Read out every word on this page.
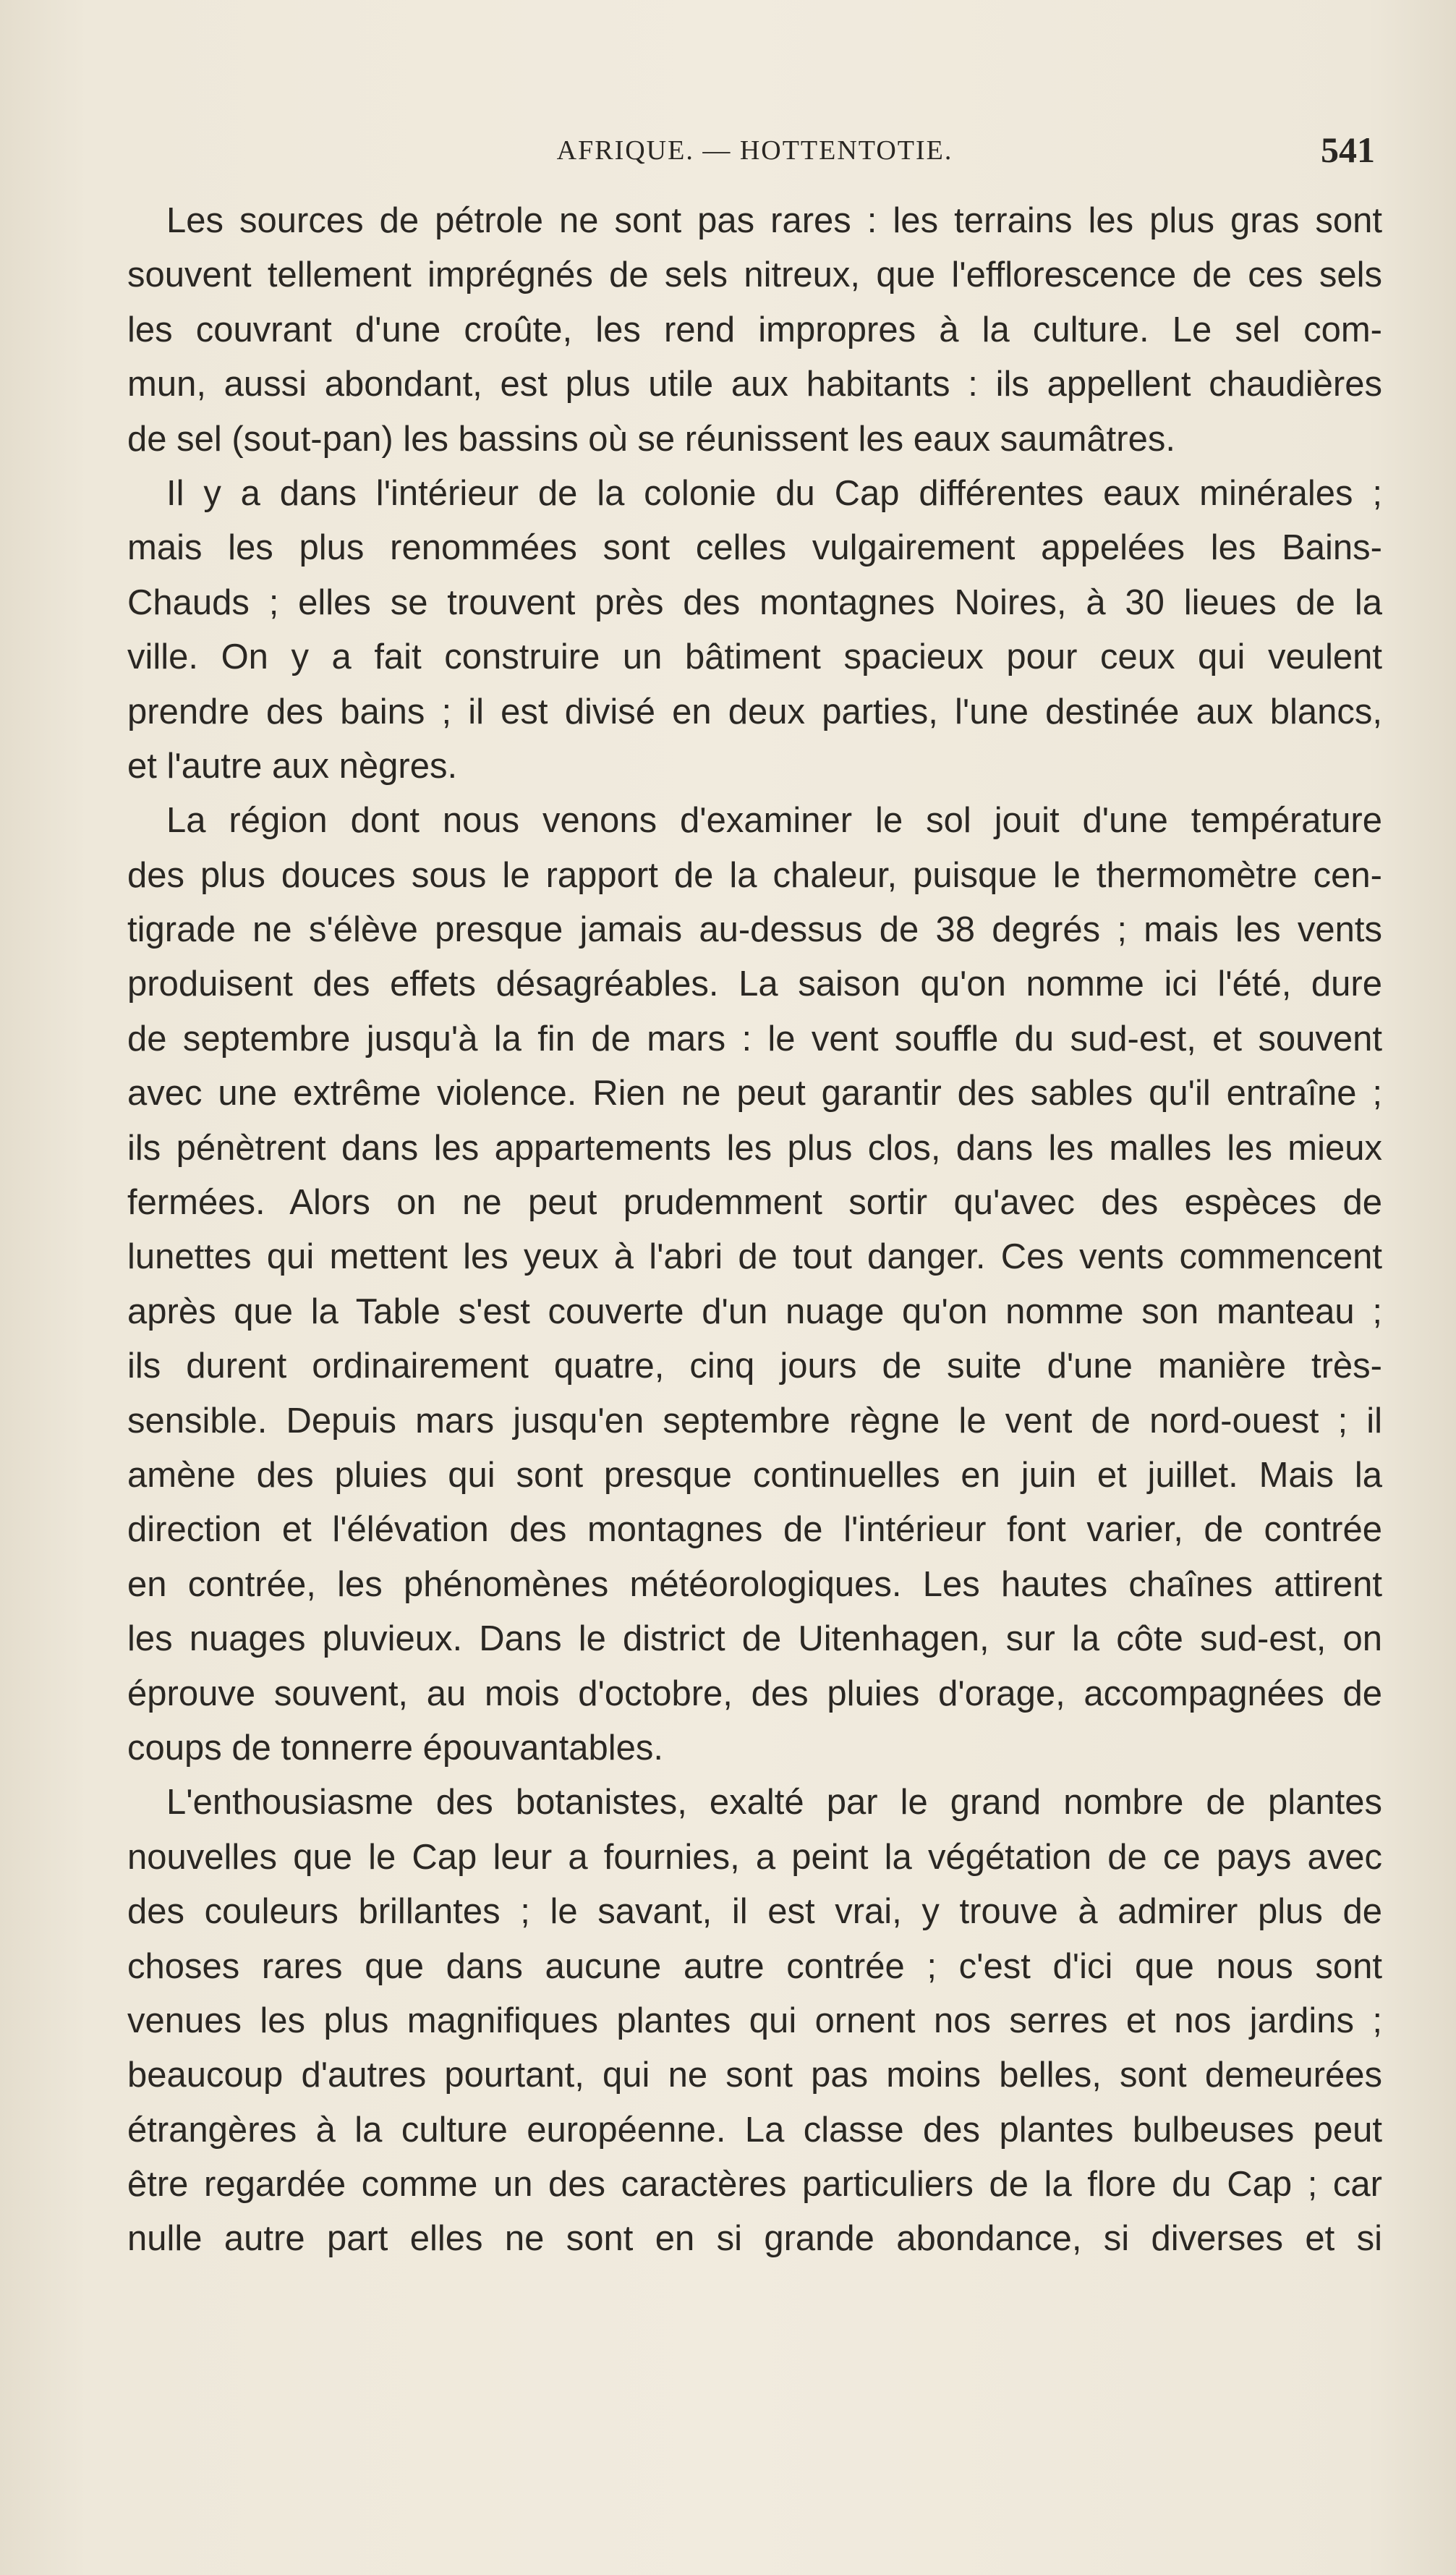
AFRIQUE. — HOTTENTOTIE.	541
Les sources de pétrole ne sont pas rares : les terrains les plus gras sont
souvent tellement imprégnés de sels nitreux, que l'efflorescence de ces sels
les couvrant d'une croûte, les rend impropres à la culture. Le sel com-
mun, aussi abondant, est plus utile aux habitants : ils appellent chaudières
de sel (sout-pan) les bassins où se réunissent les eaux saumâtres.
Il y a dans l'intérieur de la colonie du Cap différentes eaux minérales ;
mais les plus renommées sont celles vulgairement appelées les Bains-
Chauds ; elles se trouvent près des montagnes Noires, à 30 lieues de la
ville. On y a fait construire un bâtiment spacieux pour ceux qui veulent
prendre des bains ; il est divisé en deux parties, l'une destinée aux blancs,
et l'autre aux nègres.
La région dont nous venons d'examiner le sol jouit d'une température
des plus douces sous le rapport de la chaleur, puisque le thermomètre cen-
tigrade ne s'élève presque jamais au-dessus de 38 degrés ; mais les vents
produisent des effets désagréables. La saison qu'on nomme ici l'été, dure
de septembre jusqu'à la fin de mars : le vent souffle du sud-est, et souvent
avec une extrême violence. Rien ne peut garantir des sables qu'il entraîne ;
ils pénètrent dans les appartements les plus clos, dans les malles les mieux
fermées. Alors on ne peut prudemment sortir qu'avec des espèces de
lunettes qui mettent les yeux à l'abri de tout danger. Ces vents commencent
après que la Table s'est couverte d'un nuage qu'on nomme son manteau ;
ils durent ordinairement quatre, cinq jours de suite d'une manière très-
sensible. Depuis mars jusqu'en septembre règne le vent de nord-ouest ; il
amène des pluies qui sont presque continuelles en juin et juillet. Mais la
direction et l'élévation des montagnes de l'intérieur font varier, de contrée
en contrée, les phénomènes météorologiques. Les hautes chaînes attirent
les nuages pluvieux. Dans le district de Uitenhagen, sur la côte sud-est, on
éprouve souvent, au mois d'octobre, des pluies d'orage, accompagnées de
coups de tonnerre épouvantables.
L'enthousiasme des botanistes, exalté par le grand nombre de plantes
nouvelles que le Cap leur a fournies, a peint la végétation de ce pays avec
des couleurs brillantes ; le savant, il est vrai, y trouve à admirer plus de
choses rares que dans aucune autre contrée ; c'est d'ici que nous sont
venues les plus magnifiques plantes qui ornent nos serres et nos jardins ;
beaucoup d'autres pourtant, qui ne sont pas moins belles, sont demeurées
étrangères à la culture européenne. La classe des plantes bulbeuses peut
être regardée comme un des caractères particuliers de la flore du Cap ; car
nulle autre part elles ne sont en si grande abondance, si diverses et si
